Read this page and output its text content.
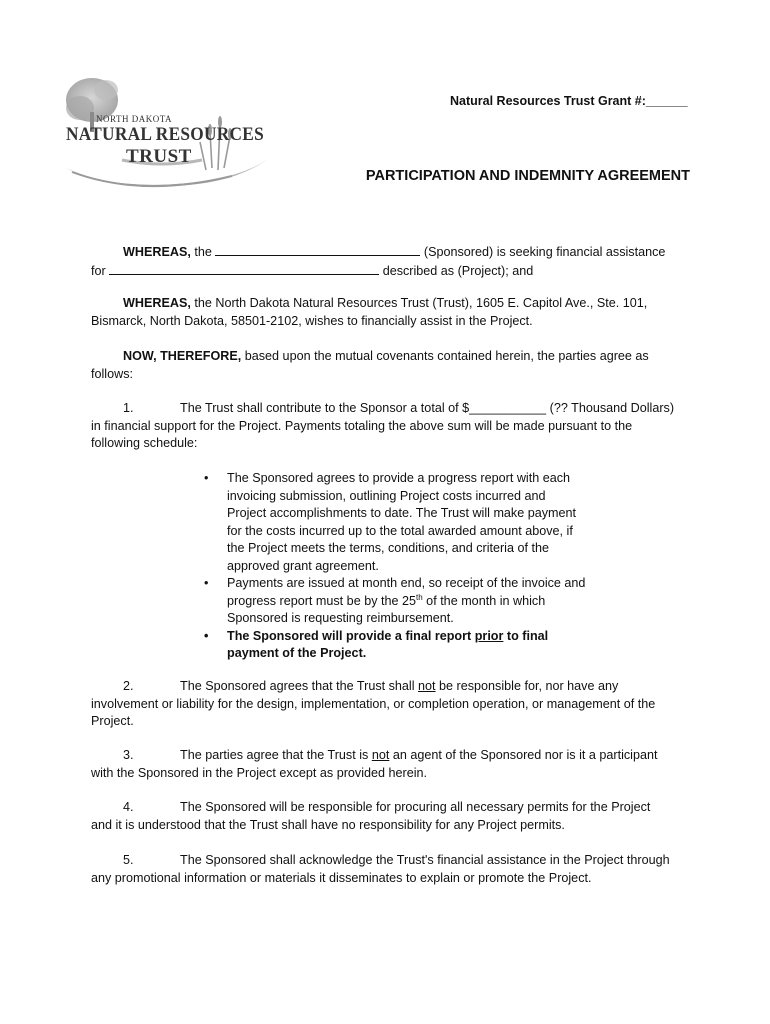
NORTH DAKOTA
NATURAL RESOURCES
TRUST
Natural Resources Trust Grant #:______
PARTICIPATION AND INDEMNITY AGREEMENT
WHEREAS, the	(Sponsored) is seeking financial assistance
for	described as (Project); and
WHEREAS, the North Dakota Natural Resources Trust (Trust), 1605 E. Capitol Ave., Ste. 101,
Bismarck, North Dakota, 58501-2102, wishes to financially assist in the Project.
NOW, THEREFORE, based upon the mutual covenants contained herein, the parties agree as
follows:
1.	The Trust shall contribute to the Sponsor a total of $___________ (?? Thousand Dollars)
in financial support for the Project. Payments totaling the above sum will be made pursuant to the
following schedule:
• The Sponsored agrees to provide a progress report with each
invoicing submission, outlining Project costs incurred and
Project accomplishments to date. The Trust will make payment
for the costs incurred up to the total awarded amount above, if
the Project meets the terms, conditions, and criteria of the
approved grant agreement.
• Payments are issued at month end, so receipt of the invoice and
progress report must be by the 25th of the month in which
Sponsored is requesting reimbursement.
• The Sponsored will provide a final report prior to final
payment of the Project.
2.	The Sponsored agrees that the Trust shall not be responsible for, nor have any
involvement or liability for the design, implementation, or completion operation, or management of the
Project.
3.	The parties agree that the Trust is not an agent of the Sponsored nor is it a participant
with the Sponsored in the Project except as provided herein.
4.	The Sponsored will be responsible for procuring all necessary permits for the Project
and it is understood that the Trust shall have no responsibility for any Project permits.
5.	The Sponsored shall acknowledge the Trust's financial assistance in the Project through
any promotional information or materials it disseminates to explain or promote the Project.
